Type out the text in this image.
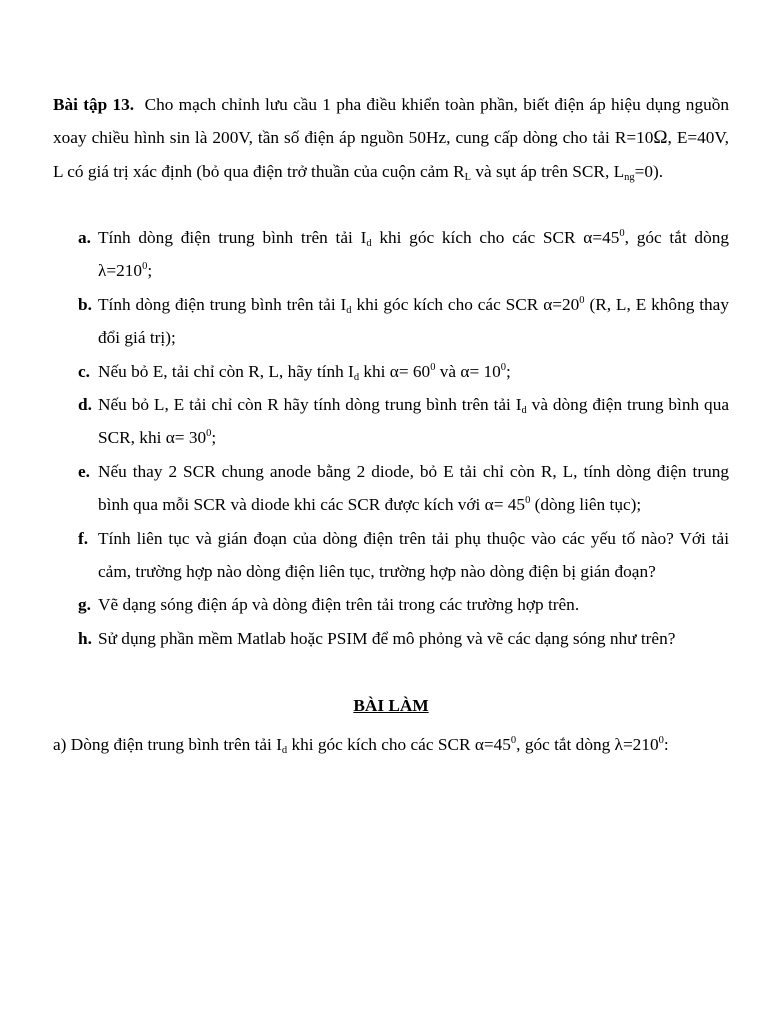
Bài tập 13. Cho mạch chỉnh lưu cầu 1 pha điều khiển toàn phần, biết điện áp hiệu dụng nguồn xoay chiều hình sin là 200V, tần số điện áp nguồn 50Hz, cung cấp dòng cho tải R=10Ω, E=40V, L có giá trị xác định (bỏ qua điện trở thuần của cuộn cảm $R_L$ và sụt áp trên SCR, $L_{ng}=0$).
a. Tính dòng điện trung bình trên tải $I_d$ khi góc kích cho các SCR $\alpha=45^0$, góc tắt dòng $\lambda=210^0$;
b. Tính dòng điện trung bình trên tải $I_d$ khi góc kích cho các SCR $\alpha=20^0$ (R, L, E không thay đổi giá trị);
c. Nếu bỏ E, tải chỉ còn R, L, hãy tính $I_d$ khi $\alpha= 60^0$ và $\alpha= 10^0$;
d. Nếu bỏ L, E tải chỉ còn R hãy tính dòng trung bình trên tải $I_d$ và dòng điện trung bình qua SCR, khi $\alpha= 30^0$;
e. Nếu thay 2 SCR chung anode bằng 2 diode, bỏ E tải chỉ còn R, L, tính dòng điện trung bình qua mỗi SCR và diode khi các SCR được kích với $\alpha= 45^0$ (dòng liên tục);
f. Tính liên tục và gián đoạn của dòng điện trên tải phụ thuộc vào các yếu tố nào? Với tải cảm, trường hợp nào dòng điện liên tục, trường hợp nào dòng điện bị gián đoạn?
g. Vẽ dạng sóng điện áp và dòng điện trên tải trong các trường hợp trên.
h. Sử dụng phần mềm Matlab hoặc PSIM để mô phỏng và vẽ các dạng sóng như trên?
BÀI LÀM
a) Dòng điện trung bình trên tải $I_d$ khi góc kích cho các SCR $\alpha=45^0$, góc tắt dòng $\lambda=210^0$:
